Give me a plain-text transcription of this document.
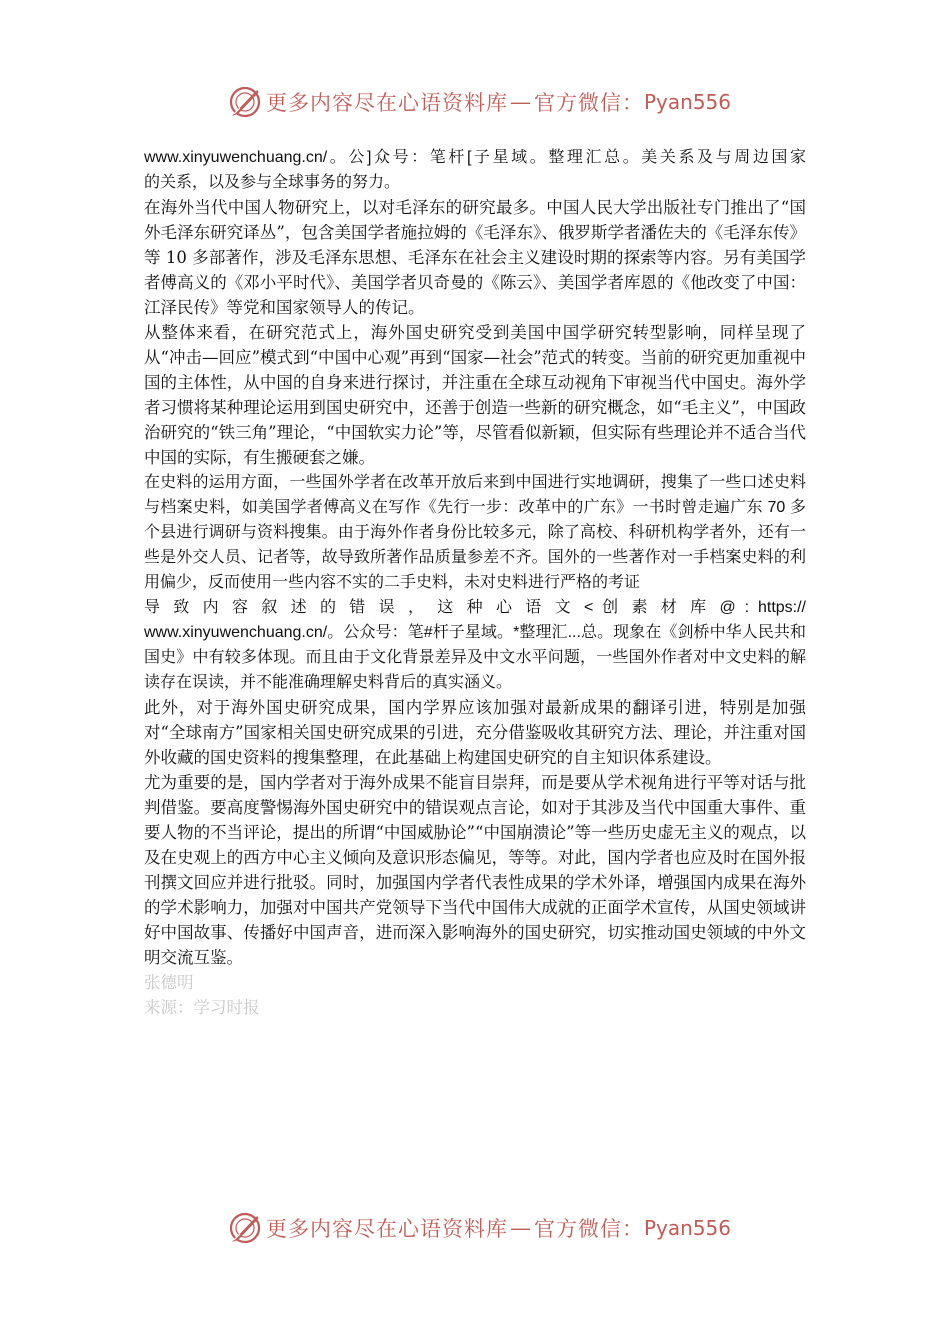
更多内容尽在心语资料库 — 官方微信： Pyan556

www.xinyuwenchuang.cn/。公]众号：笔杆[子星域。整理汇总。美关系及与周边国家

的关系，以及参与全球事务的努力。

在海外当代中国人物研究上，以对毛泽东的研究最多。中国人民大学出版社专门推出了“国外毛泽东研究译丛”，包含美国学者施拉姆的《毛泽东》、俄罗斯学者潘佐夫的《毛泽东传》等 10 多部著作，涉及毛泽东思想、毛泽东在社会主义建设时期的探索等内容。另有美国学者傅高义的《邓小平时代》、美国学者贝奇曼的《陈云》、美国学者库恩的《他改变了中国：江泽民传》等党和国家领导人的传记。

从整体来看，在研究范式上，海外国史研究受到美国中国学研究转型影响，同样呈现了从“冲击—回应”模式到“中国中心观”再到“国家—社会”范式的转变。当前的研究更加重视中国的主体性，从中国的自身来进行探讨，并注重在全球互动视角下审视当代中国史。海外学者习惯将某种理论运用到国史研究中，还善于创造一些新的研究概念，如“毛主义”，中国政治研究的“铁三角”理论，“中国软实力论”等，尽管看似新颖，但实际有些理论并不适合当代中国的实际，有生搬硬套之嫌。

在史料的运用方面，一些国外学者在改革开放后来到中国进行实地调研，搜集了一些口述史料与档案史料，如美国学者傅高义在写作《先行一步：改革中的广东》一书时曾走遍广东 70 多个县进行调研与资料搜集。由于海外作者身份比较多元，除了高校、科研机构学者外，还有一些是外交人员、记者等，故导致所著作品质量参差不齐。国外的一些著作对一手档案史料的利用偏少，反而使用一些内容不实的二手史料，未对史料进行严格的考证

导 致 内 容 叙 述 的 错 误 ， 这 种 心 语 文 < 创 素 材 库 @ : https://

www.xinyuwenchuang.cn/。公众号：笔#杆子星域。*整理汇...总。现象在《剑桥中华人民共和国史》中有较多体现。而且由于文化背景差异及中文水平问题，一些国外作者对中文史料的解读存在误读，并不能准确理解史料背后的真实涵义。

此外，对于海外国史研究成果，国内学界应该加强对最新成果的翻译引进，特别是加强对“全球南方”国家相关国史研究成果的引进，充分借鉴吸收其研究方法、理论，并注重对国外收藏的国史资料的搜集整理，在此基础上构建国史研究的自主知识体系建设。

尤为重要的是，国内学者对于海外成果不能盲目崇拜，而是要从学术视角进行平等对话与批判借鉴。要高度警惕海外国史研究中的错误观点言论，如对于其涉及当代中国重大事件、重要人物的不当评论，提出的所谓“中国威胁论”“中国崩溃论”等一些历史虚无主义的观点，以及在史观上的西方中心主义倾向及意识形态偏见，等等。对此，国内学者也应及时在国外报刊撰文回应并进行批驳。同时，加强国内学者代表性成果的学术外译，增强国内成果在海外的学术影响力，加强对中国共产党领导下当代中国伟大成就的正面学术宣传，从国史领域讲好中国故事、传播好中国声音，进而深入影响海外的国史研究，切实推动国史领域的中外文明交流互鉴。

张德明

来源：学习时报

更多内容尽在心语资料库 — 官方微信： Pyan556
